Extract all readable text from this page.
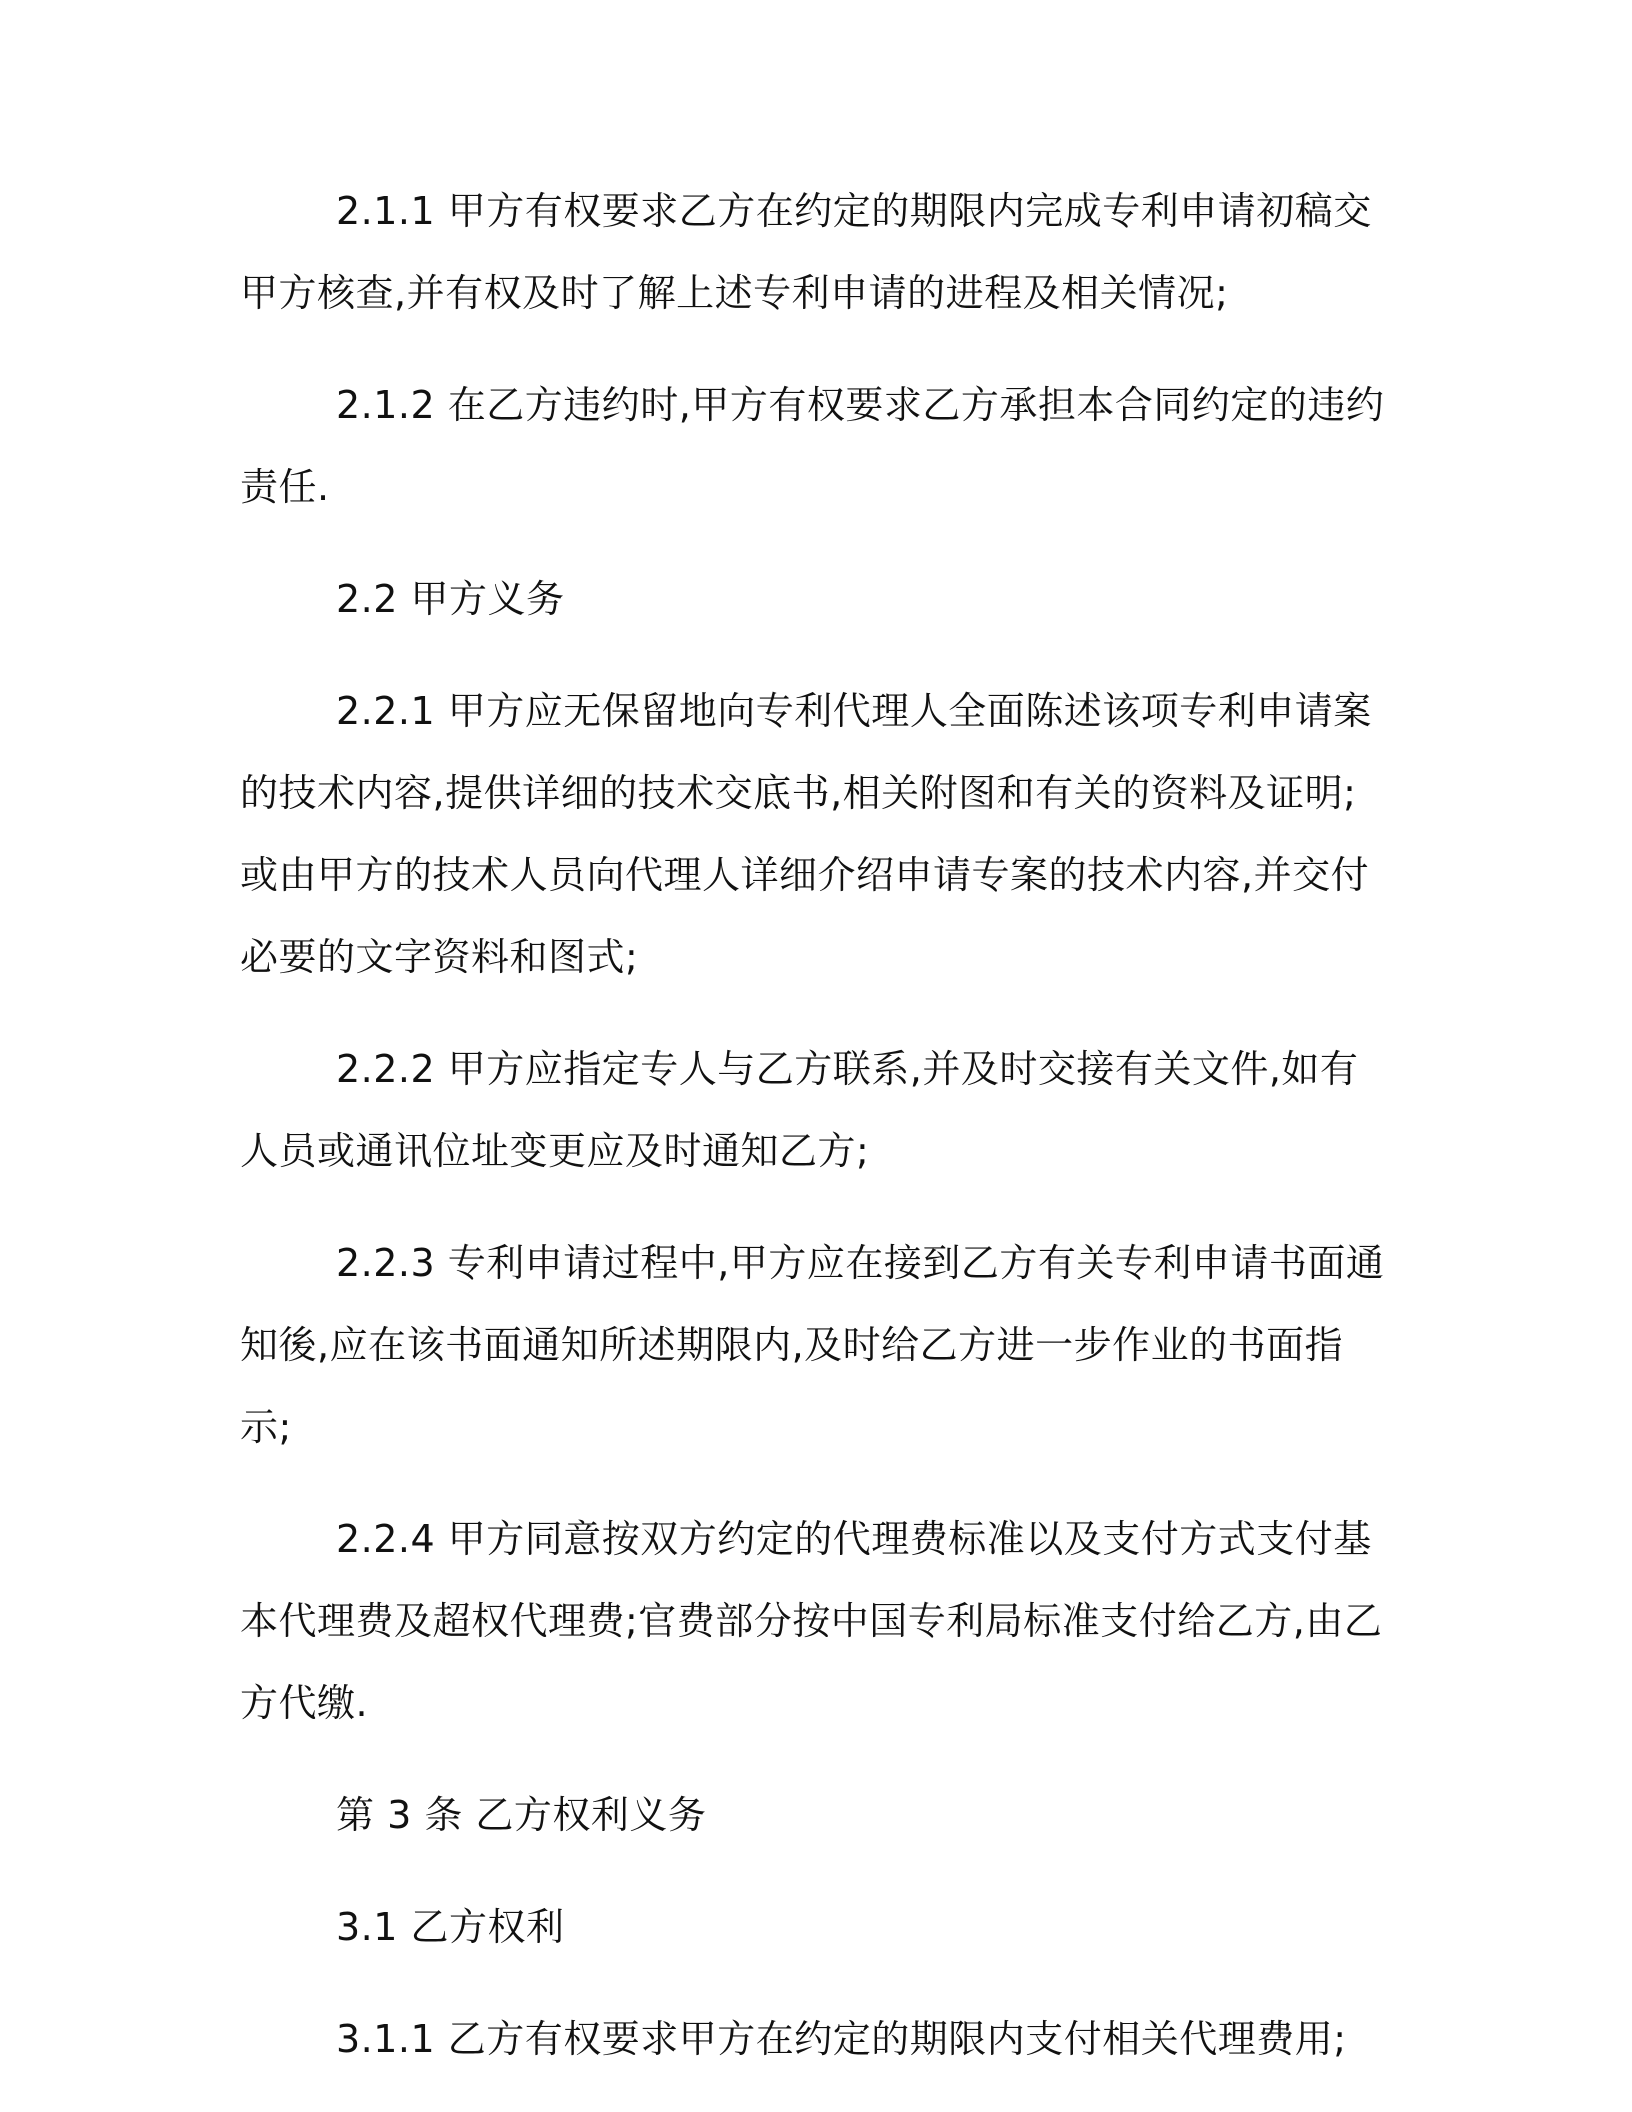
2.1.1 甲方有权要求乙方在约定的期限内完成专利申请初稿交甲方核查,并有权及时了解上述专利申请的进程及相关情况;

2.1.2 在乙方违约时,甲方有权要求乙方承担本合同约定的违约责任.

2.2 甲方义务

2.2.1 甲方应无保留地向专利代理人全面陈述该项专利申请案的技术内容,提供详细的技术交底书,相关附图和有关的资料及证明;或由甲方的技术人员向代理人详细介绍申请专案的技术内容,并交付必要的文字资料和图式;

2.2.2 甲方应指定专人与乙方联系,并及时交接有关文件,如有人员或通讯位址变更应及时通知乙方;

2.2.3 专利申请过程中,甲方应在接到乙方有关专利申请书面通知後,应在该书面通知所述期限内,及时给乙方进一步作业的书面指示;

2.2.4 甲方同意按双方约定的代理费标准以及支付方式支付基本代理费及超权代理费;官费部分按中国专利局标准支付给乙方,由乙方代缴.

第 3 条 乙方权利义务

3.1 乙方权利

3.1.1 乙方有权要求甲方在约定的期限内支付相关代理费用;
